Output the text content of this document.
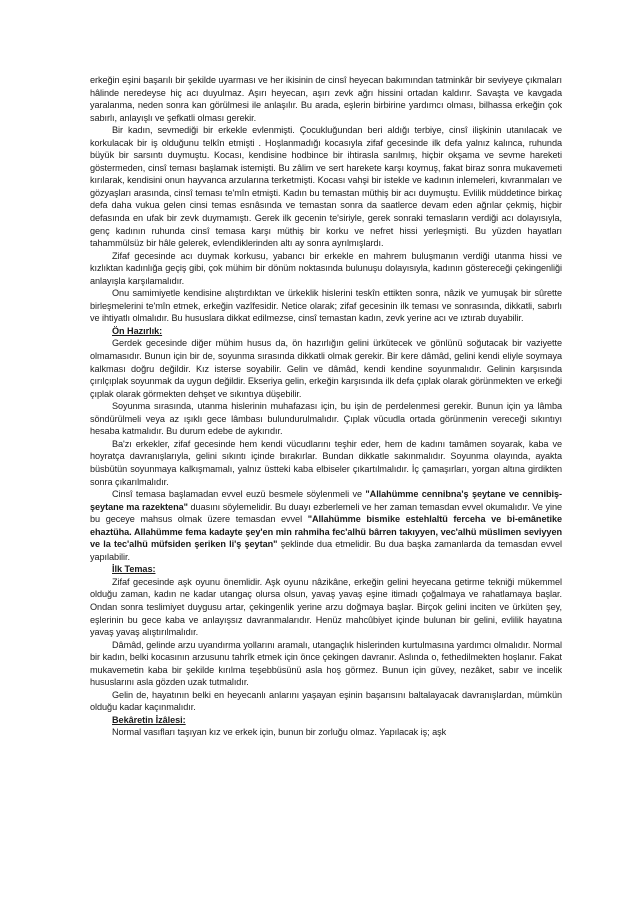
erkeğin eşini başarılı bir şekilde uyarması ve her ikisinin de cinsî heyecan bakımından tatminkâr bir seviyeye çıkmaları hâlinde neredeyse hiç acı duyulmaz. Aşırı heyecan, aşırı zevk ağrı hissini ortadan kaldırır. Savaşta ve kavgada yaralanma, neden sonra kan görülmesi ile anlaşılır. Bu arada, eşlerin birbirine yardımcı olması, bilhassa erkeğin çok sabırlı, anlayışlı ve şefkatli olması gerekir.

Bir kadın, sevmediği bir erkekle evlenmişti. Çocukluğundan beri aldığı terbiye, cinsî ilişkinin utanılacak ve korkulacak bir iş olduğunu telkîn etmişti . Hoşlanmadığı kocasıyla zifaf gecesinde ilk defa yalnız kalınca, ruhunda büyük bir sarsıntı duymuştu. Kocası, kendisine hodbince bir ihtirasla sarılmış, hiçbir okşama ve sevme hareketi göstermeden, cinsî teması başlamak istemişti. Bu zâlim ve sert harekete karşı koymuş, fakat biraz sonra mukavemeti kırılarak, kendisini onun hayvanca arzularına terketmişti. Kocası vahşi bir istekle ve kadının inlemeleri, kıvranmaları ve gözyaşları arasında, cinsî teması te'mîn etmişti. Kadın bu temastan müthiş bir acı duymuştu. Evlilik müddetince birkaç defa daha vukua gelen cinsi temas esnâsında ve temastan sonra da saatlerce devam eden ağrılar çekmiş, hiçbir defasında en ufak bir zevk duymamıştı. Gerek ilk gecenin te'siriyle, gerek sonraki temasların verdiği acı dolayısıyla, genç kadının ruhunda cinsî temasa karşı müthiş bir korku ve nefret hissi yerleşmişti. Bu yüzden hayatları tahammülsüz bir hâle gelerek, evlendiklerinden altı ay sonra ayrılmışlardı.

Zifaf gecesinde acı duymak korkusu, yabancı bir erkekle en mahrem buluşmanın verdiği utanma hissi ve kızlıktan kadınlığa geçiş gibi, çok mühim bir dönüm noktasında bulunuşu dolayısıyla, kadının göstereceği çekingenliği anlayışla karşılamalıdır.

Onu samimiyetle kendisine alıştırdıktan ve ürkeklik hislerini teskîn ettikten sonra, nâzik ve yumuşak bir sûrette birleşmelerini te'mîn etmek, erkeğin vazîfesidir. Netice olarak; zifaf gecesinin ilk teması ve sonrasında, dikkatli, sabırlı ve ihtiyatlı olmalıdır. Bu hususlara dikkat edilmezse, cinsî temastan kadın, zevk yerine acı ve ıztırab duyabilir.

Ön Hazırlık:

Gerdek gecesinde diğer mühim husus da, ön hazırlığın gelini ürkütecek ve gönlünü soğutacak bir vaziyette olmamasıdır. Bunun için bir de, soyunma sırasında dikkatli olmak gerekir. Bir kere dâmâd, gelini kendi eliyle soymaya kalkması doğru değildir. Kız isterse soyabilir. Gelin ve dâmâd, kendi kendine soyunmalıdır. Gelinin karşısında çırılçıplak soyunmak da uygun değildir. Ekseriya gelin, erkeğin karşısında ilk defa çıplak olarak görünmekten ve erkeği çıplak olarak görmekten dehşet ve sıkıntıya düşebilir.

Soyunma sırasında, utanma hislerinin muhafazası için, bu işin de perdelenmesi gerekir. Bunun için ya lâmba söndürülmeli veya az ışıklı gece lâmbası bulundurulmalıdır. Çıplak vücudla ortada görünmenin vereceği sıkıntıyı hesaba katmalıdır. Bu durum edebe de aykırıdır.

Ba'zı erkekler, zifaf gecesinde hem kendi vücudlarını teşhir eder, hem de kadını tamâmen soyarak, kaba ve hoyratça davranışlarıyla, gelini sıkıntı içinde bırakırlar. Bundan dikkatle sakınmalıdır. Soyunma olayında, ayakta büsbütün soyunmaya kalkışmamalı, yalnız üstteki kaba elbiseler çıkartılmalıdır. İç çamaşırları, yorgan altına girdikten sonra çıkarılmalıdır.

Cinsî temasa başlamadan evvel euzü besmele söylenmeli ve "Allahümme cennibna'ş şeytane ve cennibiş-şeytane ma razektena" duasını söylemelidir. Bu duayı ezberlemeli ve her zaman temasdan evvel okumalıdır. Ve yine bu geceye mahsus olmak üzere temasdan evvel "Allahümme bismike estehlaltü ferceha ve bi-emânetike ehaztüha. Allahümme fema kadayte şey'en min rahmiha fec'alhü bârren takıyyen, vec'alhü müslimen seviyyen ve la tec'alhü müfsiden şeriken li'ş şeytan" şeklinde dua etmelidir. Bu dua başka zamanlarda da temasdan evvel yapılabilir.

İlk Temas:

Zifaf gecesinde aşk oyunu önemlidir. Aşk oyunu nâzikâne, erkeğin gelini heyecana getirme tekniği mükemmel olduğu zaman, kadın ne kadar utangaç olursa olsun, yavaş yavaş eşine itimadı çoğalmaya ve rahatlamaya başlar. Ondan sonra teslimiyet duygusu artar, çekingenlik yerine arzu doğmaya başlar. Birçok gelini inciten ve ürküten şey, eşlerinin bu gece kaba ve anlayışsız davranmalarıdır. Henüz mahcûbiyet içinde bulunan bir gelini, evlilik hayatına yavaş yavaş alıştırılmalıdır.

Dâmâd, gelinde arzu uyandırma yollarını aramalı, utangaçlık hislerinden kurtulmasına yardımcı olmalıdır. Normal bir kadın, belki kocasının arzusunu tahrîk etmek için önce çekingen davranır. Aslında o, fethedilmekten hoşlanır. Fakat mukavemetin kaba bir şekilde kırılma teşebbüsünü asla hoş görmez. Bunun için güvey, nezâket, sabır ve incelik hususlarını asla gözden uzak tutmalıdır.

Gelin de, hayatının belki en heyecanlı anlarını yaşayan eşinin başarısını baltalayacak davranışlardan, mümkün olduğu kadar kaçınmalıdır.

Bekâretin İzâlesi:

Normal vasıfları taşıyan kız ve erkek için, bunun bir zorluğu olmaz. Yapılacak iş; aşk
